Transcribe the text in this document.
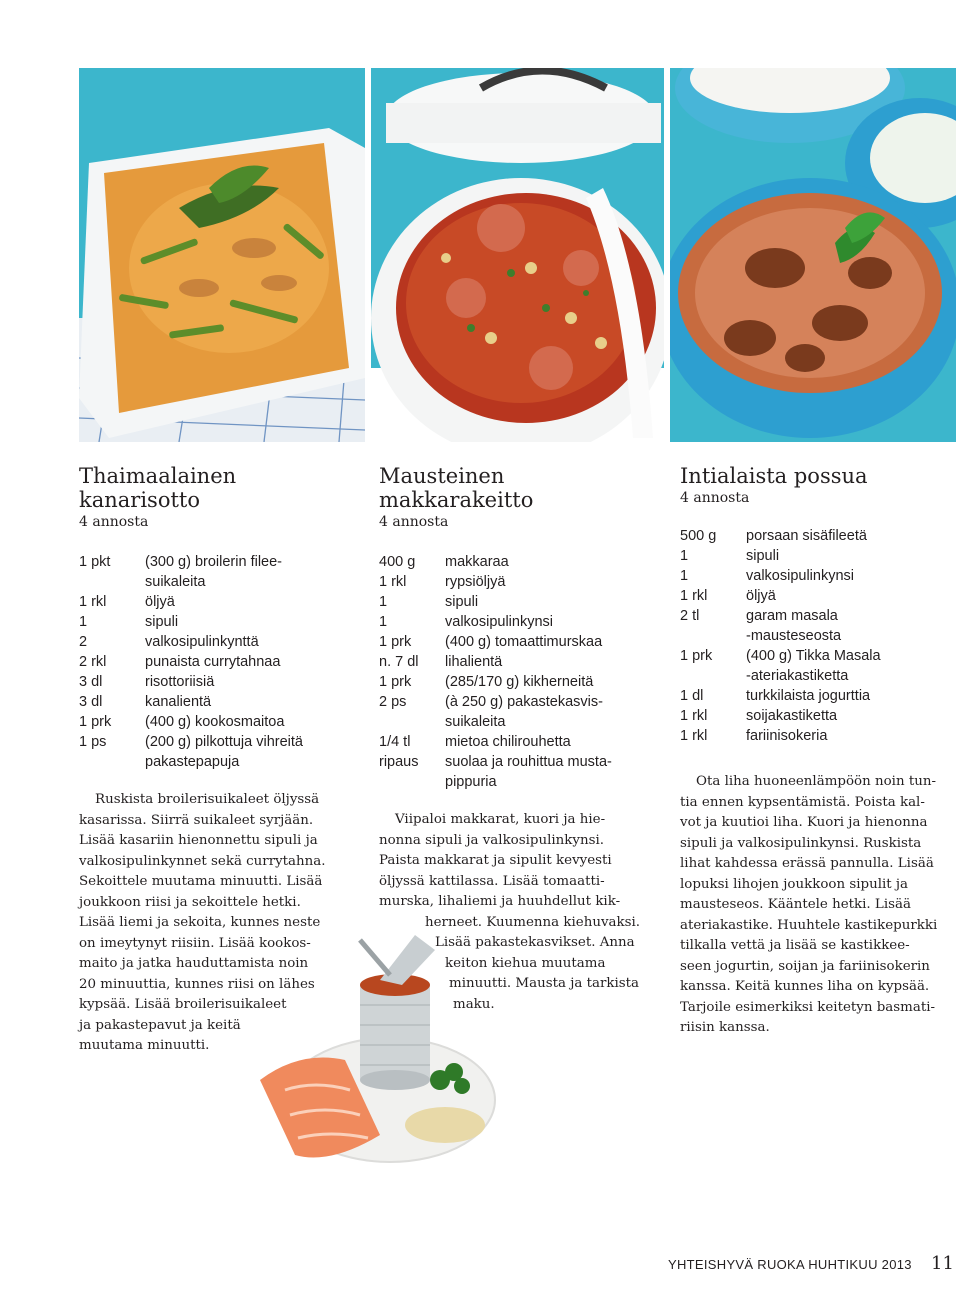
Thaimaalainen
kanarisotto

4 annosta

1 pkt	(300 g) broilerin filee-
suikaleita
1 rkl	öljyä
1	sipuli
2	valkosipulinkynttä
2 rkl	punaista currytahnaa
3 dl	risottoriisiä
3 dl	kanalientä
1 prk	(400 g) kookosmaitoa
1 ps	(200 g) pilkottuja vihreitä
pakastepapuja
Ruskista broilerisuikaleet öljyssä
kasarissa. Siirrä suikaleet syrjään.
Lisää kasariin hienonnettu sipuli ja
valkosipulinkynnet sekä currytahna.
Sekoittele muutama minuutti. Lisää
joukkoon riisi ja sekoittele hetki.
Lisää liemi ja sekoita, kunnes neste
on imeytynyt riisiin. Lisää kookos-
maito ja jatka hauduttamista noin
20 minuuttia, kunnes riisi on lähes
kypsää. Lisää broilerisuikaleet
ja pakastepavut ja keitä
muutama minuutti.
Mausteinen
makkarakeitto

4 annosta

400 g	makkaraa
1 rkl	rypsiöljyä
1	sipuli
1	valkosipulinkynsi
1 prk	(400 g) tomaattimurskaa
n. 7 dl	lihalientä
1 prk	(285/170 g) kikherneitä
2 ps	(à 250 g) pakastekasvis-
suikaleita
1/4 tl	mietoa chilirouhetta
ripaus	suolaa ja rouhittua musta-
pippuria
Viipaloi makkarat, kuori ja hie-
nonna sipuli ja valkosipulinkynsi.
Paista makkarat ja sipulit kevyesti
öljyssä kattilassa. Lisää tomaatti-
murska, lihaliemi ja huuhdellut kik-
herneet. Kuumenna kiehuvaksi.
Lisää pakastekasvikset. Anna
keiton kiehua muutama
minuutti. Mausta ja tarkista
maku.
Intialaista possua

4 annosta

500 g	porsaan sisäfileetä
1	sipuli
1	valkosipulinkynsi
1 rkl	öljyä
2 tl	garam masala
-mausteseosta
1 prk	(400 g) Tikka Masala
-ateriakastiketta
1 dl	turkkilaista jogurttia
1 rkl	soijakastiketta
1 rkl	fariinisokeria
Ota liha huoneenlämpöön noin tun-
tia ennen kypsentämistä. Poista kal-
vot ja kuutioi liha. Kuori ja hienonna
sipuli ja valkosipulinkynsi. Ruskista
lihat kahdessa erässä pannulla. Lisää
lopuksi lihojen joukkoon sipulit ja
mausteseos. Kääntele hetki. Lisää
ateriakastike. Huuhtele kastikepurkki
tilkalla vettä ja lisää se kastikkee-
seen jogurtin, soijan ja fariinisokerin
kanssa. Keitä kunnes liha on kypsää.
Tarjoile esimerkiksi keitetyn basmati-
riisin kanssa.
YHTEISHYVÄ RUOKA HUHTIKUU 2013 11
